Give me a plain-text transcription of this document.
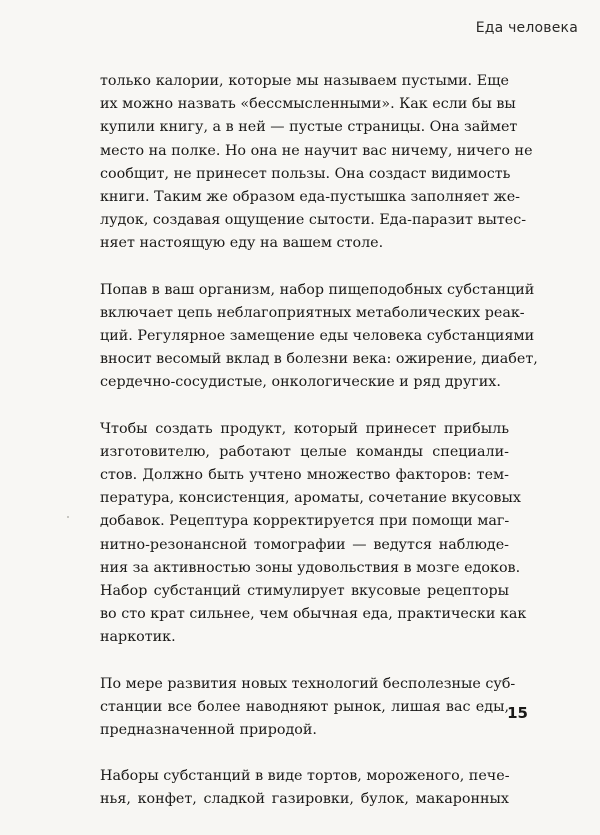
Еда человека

только калории, которые мы называем пустыми. Еще
их можно назвать «бессмысленными». Как если бы вы
купили книгу, а в ней — пустые страницы. Она займет
место на полке. Но она не научит вас ничему, ничего не
сообщит, не принесет пользы. Она создаст видимость
книги. Таким же образом еда-пустышка заполняет же-
лудок, создавая ощущение сытости. Еда-паразит вытес-
няет настоящую еду на вашем столе.

Попав в ваш организм, набор пищеподобных субстанций
включает цепь неблагоприятных метаболических реак-
ций. Регулярное замещение еды человека субстанциями
вносит весомый вклад в болезни века: ожирение, диабет,
сердечно-сосудистые, онкологические и ряд других.

Чтобы создать продукт, который принесет прибыль
изготовителю, работают целые команды специали-
стов. Должно быть учтено множество факторов: тем-
пература, консистенция, ароматы, сочетание вкусовых
добавок. Рецептура корректируется при помощи маг-
нитно-резонансной томографии — ведутся наблюде-
ния за активностью зоны удовольствия в мозге едоков.
Набор субстанций стимулирует вкусовые рецепторы
во сто крат сильнее, чем обычная еда, практически как
наркотик.

По мере развития новых технологий бесполезные суб-
станции все более наводняют рынок, лишая вас еды,
предназначенной природой.

Наборы субстанций в виде тортов, мороженого, пече-
нья, конфет, сладкой газировки, булок, макаронных

15
